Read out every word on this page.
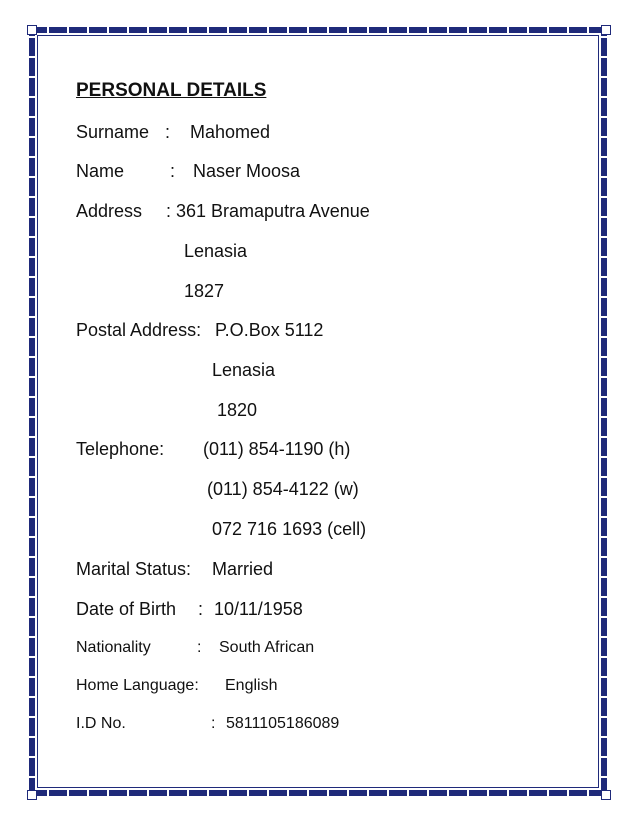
PERSONAL DETAILS
Surname : Mahomed
Name	: Naser Moosa
Address : 361 Bramaputra Avenue
Lenasia
1827
Postal Address: P.O.Box 5112
Lenasia
1820
Telephone: (011) 854-1190 (h)
(011) 854-4122 (w)
072 716 1693 (cell)
Marital Status: Married
Date of Birth : 10/11/1958
Nationality	: South African
Home Language: English
I.D No.	: 5811105186089
